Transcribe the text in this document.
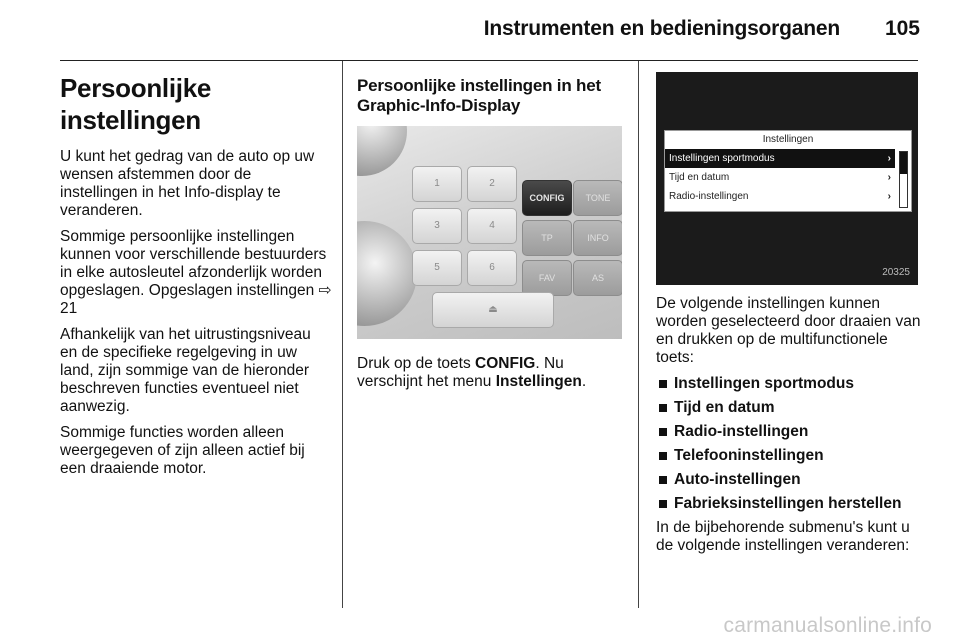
Instrumenten en bedieningsorganen 105
Persoonlijke instellingen

U kunt het gedrag van de auto op uw wensen afstemmen door de instellingen in het Info-display te veranderen.

Sommige persoonlijke instellingen kunnen voor verschillende bestuurders in elke autosleutel afzonderlijk worden opgeslagen. Opgeslagen instellingen ⇨ 21

Afhankelijk van het uitrustingsniveau en de specifieke regelgeving in uw land, zijn sommige van de hieronder beschreven functies eventueel niet aanwezig.

Sommige functies worden alleen weergegeven of zijn alleen actief bij een draaiende motor.

Persoonlijke instellingen in het Graphic-Info-Display
1	2
CONFIG	TONE
3	4
TP	INFO
5	6
FAV	AS
⏏

Druk op de toets CONFIG. Nu verschijnt het menu Instellingen.

Instellingen
Instellingen sportmodus	›
Tijd en datum	›
Radio-instellingen	›
20325

De volgende instellingen kunnen worden geselecteerd door draaien van en drukken op de multifunctionele toets:

Instellingen sportmodus
Tijd en datum
Radio-instellingen
Telefooninstellingen
Auto-instellingen
Fabrieksinstellingen herstellen

In de bijbehorende submenu's kunt u de volgende instellingen veranderen:

carmanualsonline.info
